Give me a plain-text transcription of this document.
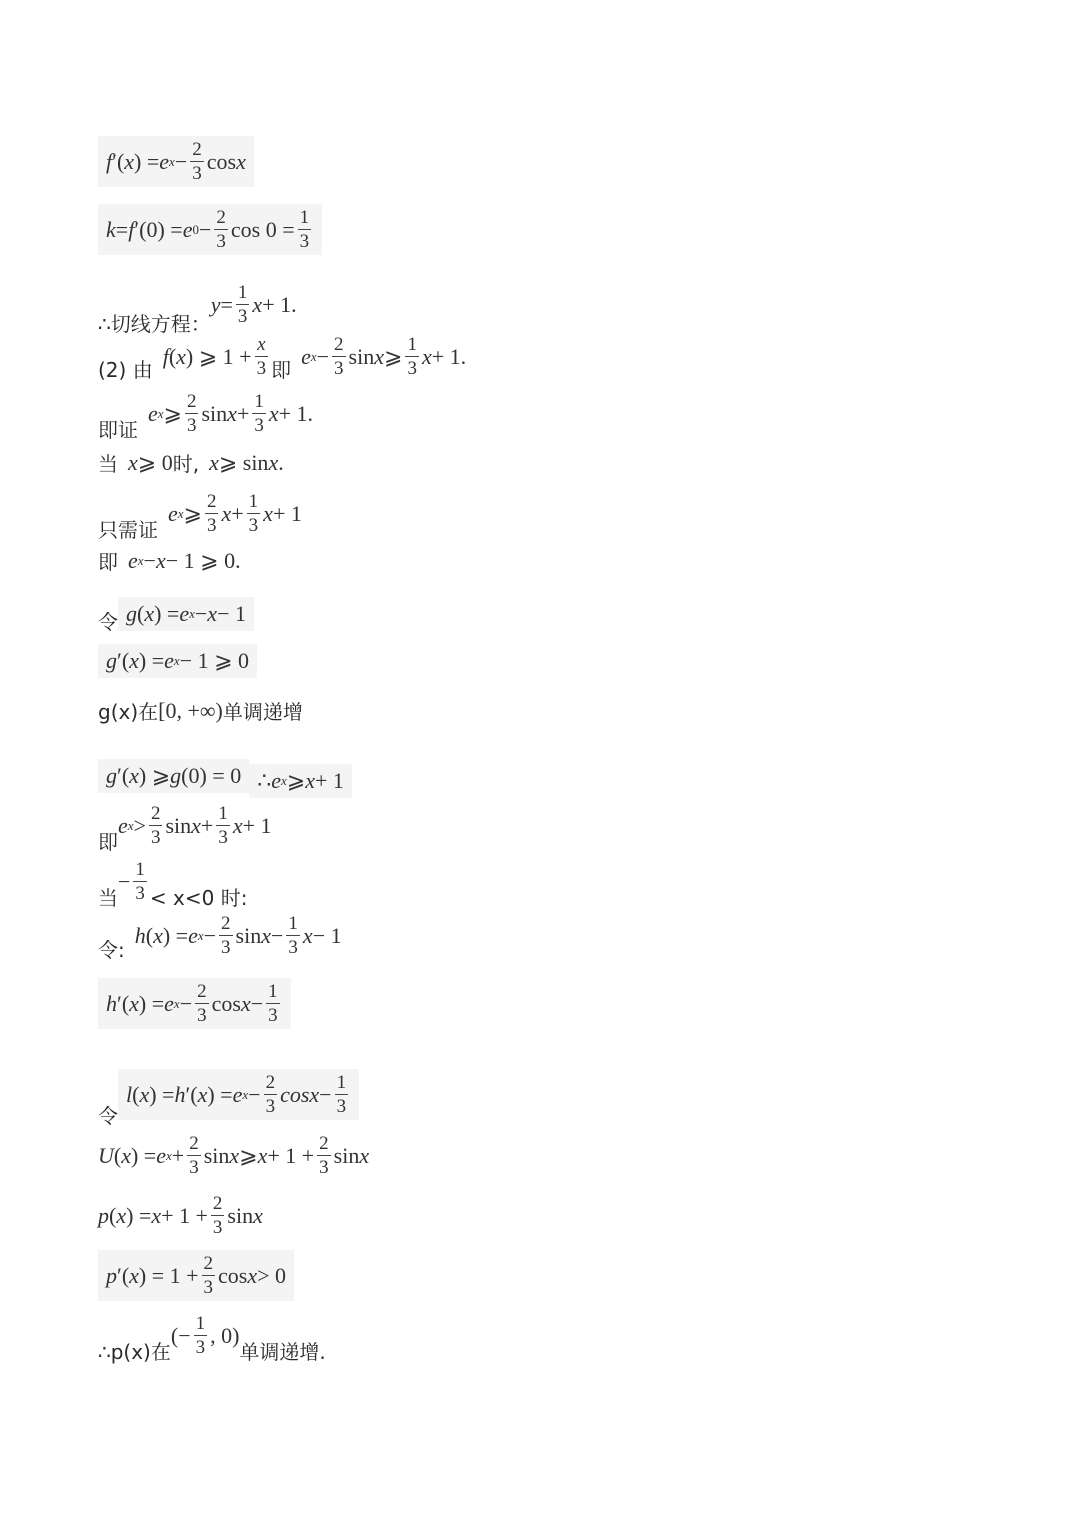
f ′( x ) = e $x - \frac{2}{3}$ cos x
k = f ′(0) = e $0 - \frac{2}{3}$ $\cos 0 = \frac{1}{3}$
∴切线方程：
$y = \frac{1}{3}$ x + 1.
(2) 由
f ( x ) ⩾ $1 + \frac{x}{3}$ 即
e $x - \frac{2}{3}$ sin x ⩾ $\frac{1}{3}$ x + 1.
即证
e x ⩾ $\frac{2}{3}$ $\sin x + \frac{1}{3}$ x + 1.
当 x ⩾ 0 时, x ⩾ sin x .
只需证
e x ⩾ $\frac{2}{3}$ $x + \frac{1}{3}$ x + 1
即 e x − x − 1 ⩾ 0.
令 g ( x ) = e x − x − 1
g ′( x ) = e x − 1 ⩾ 0
g(x)在 [0, +∞) 单调递增
g ′( x ) ⩾ g (0) = 0 ∴ e x ⩾ x + 1
即
e $x > \frac{2}{3}$ $\sin x + \frac{1}{3}$ x + 1
当
− $\frac{1}{3} < x<0$ 时:
令:
h ( x ) = e $x - \frac{2}{3}$ $\sin x - \frac{1}{3}$ x − 1
h ′( x ) = e $x - \frac{2}{3}$ $\cos x - \frac{1}{3}$
令
l ( x ) = h ′( x ) = e $x - \frac{2}{3}$ $\cos x - \frac{1}{3}$
U ( x ) = e $x + \frac{2}{3}$ sin x ⩾ $x + 1 + \frac{2}{3}$ sin x
p ( x ) = $x + 1 + \frac{2}{3}$ sin x
p ′( x ) = $1 + \frac{2}{3}$ cos x > 0
∴p(x)在
(− $\frac{1}{3}$ , 0)
单调递增.
